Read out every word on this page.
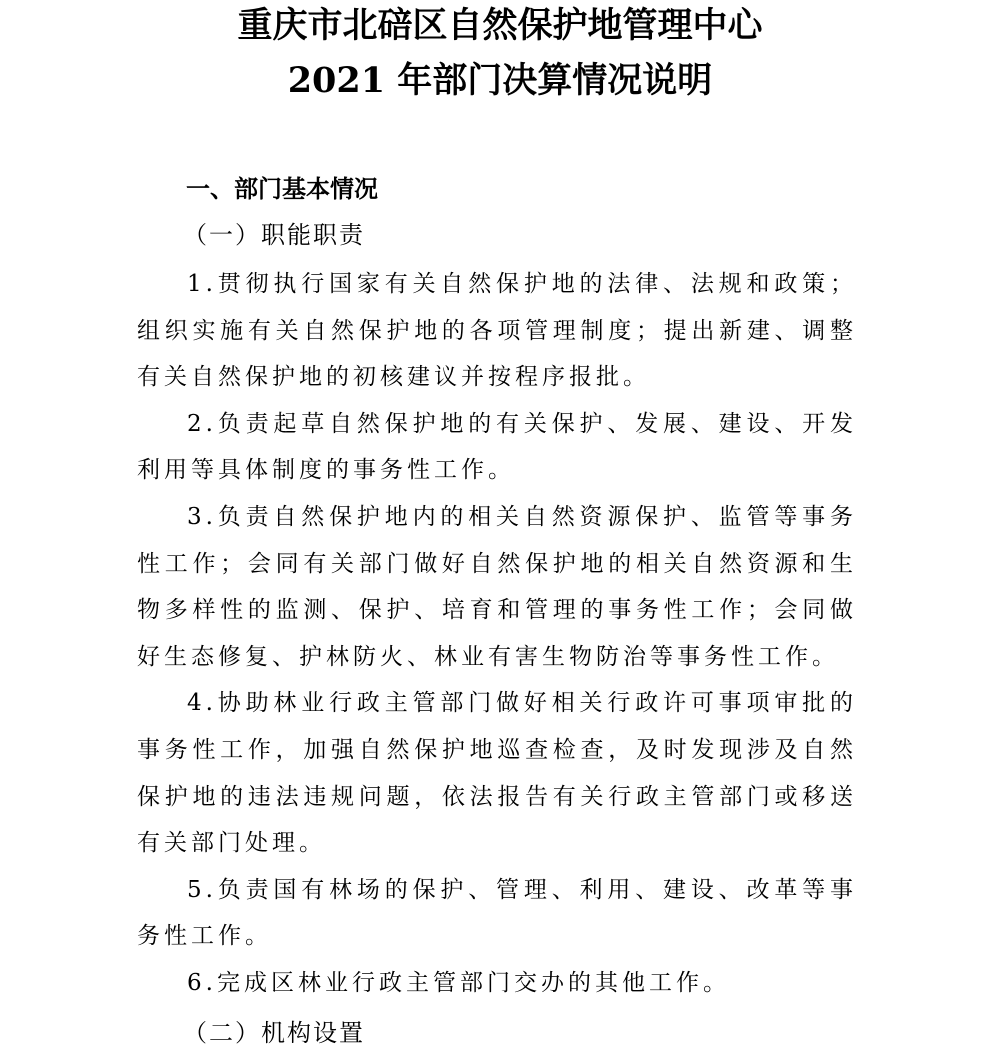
重庆市北碚区自然保护地管理中心
2021 年部门决算情况说明
一、部门基本情况
（一）职能职责

1.贯彻执行国家有关自然保护地的法律、法规和政策；组织实施有关自然保护地的各项管理制度；提出新建、调整有关自然保护地的初核建议并按程序报批。

2.负责起草自然保护地的有关保护、发展、建设、开发利用等具体制度的事务性工作。

3.负责自然保护地内的相关自然资源保护、监管等事务性工作；会同有关部门做好自然保护地的相关自然资源和生物多样性的监测、保护、培育和管理的事务性工作；会同做好生态修复、护林防火、林业有害生物防治等事务性工作。

4.协助林业行政主管部门做好相关行政许可事项审批的事务性工作，加强自然保护地巡查检查，及时发现涉及自然保护地的违法违规问题，依法报告有关行政主管部门或移送有关部门处理。

5.负责国有林场的保护、管理、利用、建设、改革等事务性工作。

6.完成区林业行政主管部门交办的其他工作。

（二）机构设置
